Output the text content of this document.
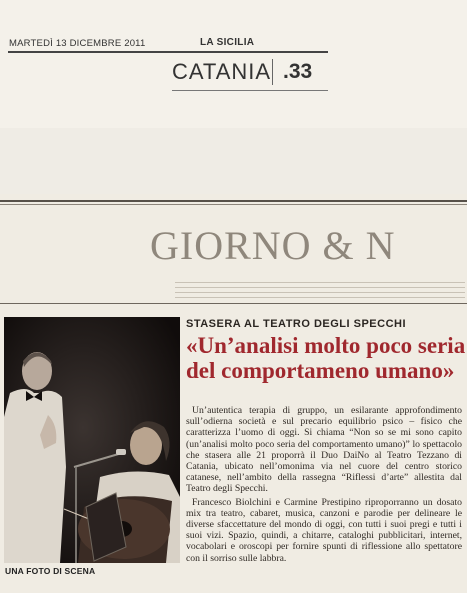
MARTEDÌ 13 DICEMBRE 2011	LA SICILIA
CATANIA .33
GIORNO & N
UNA FOTO DI SCENA
STASERA AL TEATRO DEGLI SPECCHI
«Un’analisi molto poco seria
del comportameno umano»

Un’autentica terapia di gruppo, un esilarante approfondimento sull’odierna società e sul precario equilibrio psico – fisico che caratterizza l’uomo di oggi. Si chiama “Non so se mi sono capito (un’analisi molto poco seria del comportamento umano)” lo spettacolo che stasera alle 21 proporrà il Duo DaiNo al Teatro Tezzano di Catania, ubicato nell’omonima via nel cuore del centro storico catanese, nell’ambito della rassegna “Riflessi d’arte” allestita dal Teatro degli Specchi.

Francesco Biolchini e Carmine Prestipino riproporranno un dosato mix tra teatro, cabaret, musica, canzoni e parodie per delineare le diverse sfaccettature del mondo di oggi, con tutti i suoi pregi e tutti i suoi vizi. Spazio, quindi, a chitarre, cataloghi pubblicitari, internet, vocabolari e oroscopi per fornire spunti di riflessione allo spettatore con il sorriso sulle labbra.
